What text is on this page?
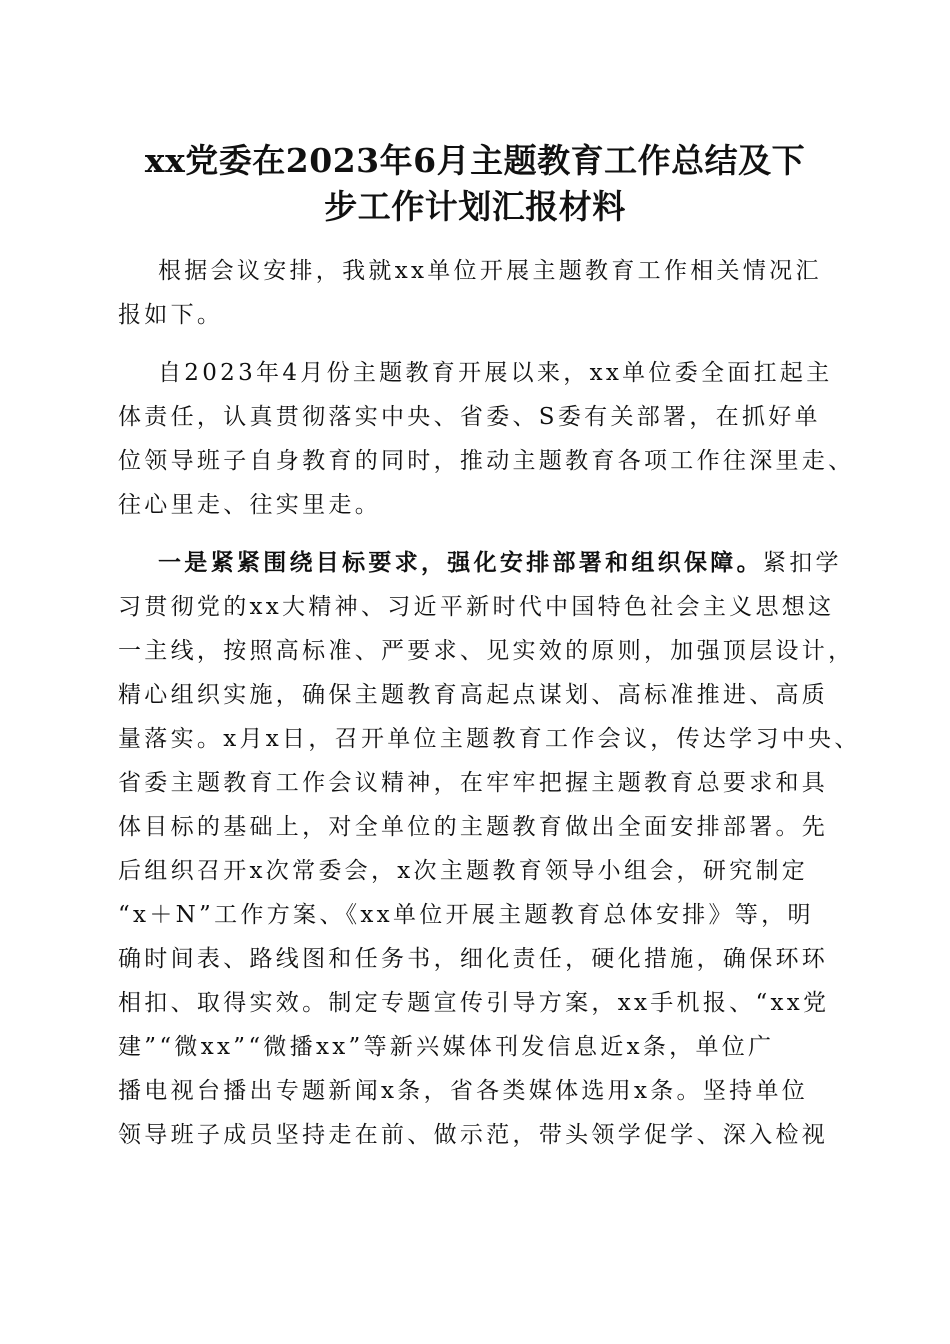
xx党委在2023年6月主题教育工作总结及下
步工作计划汇报材料
根据会议安排，我就xx单位开展主题教育工作相关情况汇
报如下。
自2023年4月份主题教育开展以来，xx单位委全面扛起主
体责任，认真贯彻落实中央、省委、S委有关部署，在抓好单
位领导班子自身教育的同时，推动主题教育各项工作往深里走、
往心里走、往实里走。
一是紧紧围绕目标要求，强化安排部署和组织保障。紧扣学
习贯彻党的xx大精神、习近平新时代中国特色社会主义思想这
一主线，按照高标准、严要求、见实效的原则，加强顶层设计，
精心组织实施，确保主题教育高起点谋划、高标准推进、高质
量落实。x月x日，召开单位主题教育工作会议，传达学习中央、
省委主题教育工作会议精神，在牢牢把握主题教育总要求和具
体目标的基础上，对全单位的主题教育做出全面安排部署。先
后组织召开x次常委会，x次主题教育领导小组会，研究制定
“x＋N”工作方案、《xx单位开展主题教育总体安排》等，明
确时间表、路线图和任务书，细化责任，硬化措施，确保环环
相扣、取得实效。制定专题宣传引导方案，xx手机报、“xx党
建”“微xx”“微播xx”等新兴媒体刊发信息近x条，单位广
播电视台播出专题新闻x条，省各类媒体选用x条。坚持单位
领导班子成员坚持走在前、做示范，带头领学促学、深入检视
